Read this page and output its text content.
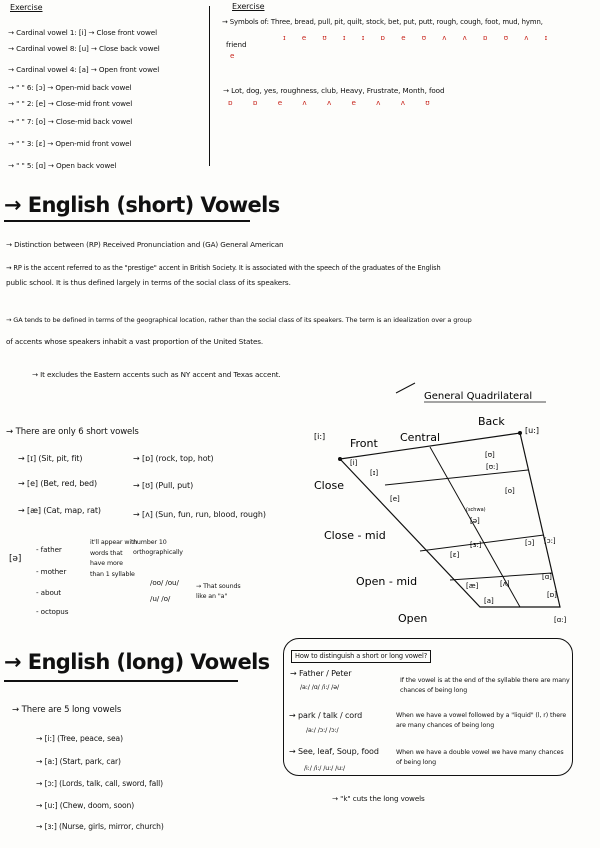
Exercise
→ Cardinal vowel 1: [i] → Close front vowel
→ Cardinal vowel 8: [u] → Close back vowel
→ Cardinal vowel 4: [a] → Open front vowel
→ " " 6: [ɔ] → Open-mid back vowel
→ " " 2: [e] → Close-mid front vowel
→ " " 7: [o] → Close-mid back vowel
→ " " 3: [ɛ] → Open-mid front vowel
→ " " 5: [ɑ] → Open back vowel
Exercise
→ Symbols of: Three, bread, pull, pit, quilt, stock, bet, put, putt, rough, cough, foot, mud, hymn,
ɪ e ʊ ɪ ɪ ɒ e ʊ ʌ ʌ ɒ ʊ ʌ ɪ
friend
e
→ Lot, dog, yes, roughness, club, Heavy, Frustrate, Month, food
ɒ ɒ e ʌ ʌ e ʌ ʌ ʊ
→ English (short) Vowels
→ Distinction between (RP) Received Pronunciation and (GA) General American
→ RP is the accent referred to as the "prestige" accent in British Society. It is associated with the speech of the graduates of the English
public school. It is thus defined largely in terms of the social class of its speakers.
→ GA tends to be defined in terms of the geographical location, rather than the social class of its speakers. The term is an idealization over a group
of accents whose speakers inhabit a vast proportion of the United States.
→ It excludes the Eastern accents such as NY accent and Texas accent.
→ There are only 6 short vowels
→ [ɪ] (Sit, pit, fit)
→ [e] (Bet, red, bed)
→ [æ] (Cat, map, rat)
→ [ɒ] (rock, top, hot)
→ [ʊ] (Pull, put)
→ [ʌ] (Sun, fun, run, blood, rough)
[ə]
- father
- mother
- about
- octopus
it'll appear with words that have more than 1 syllable
number 10 orthographically
/oo/ /ou/
/u/ /o/
→ That sounds like an "a"
General Quadrilateral
Front Central
Back
[i:]
[u:]
Close
Close - mid
Open - mid
Open
[i]
[ɪ]
[ʊ]
[ʊ:]
[e]
[o]
(schwa)
[ə]
[ɜ:]	[ɔ] [ɔ:]
[ɛ]
[æ]	[ʌ]
[a]
[ɑ]
[ɒ]
[ɑ:]
→ English (long) Vowels
→ There are 5 long vowels
→ [i:] (Tree, peace, sea)
→ [a:] (Start, park, car)
→ [ɔ:] (Lords, talk, call, sword, fall)
→ [u:] (Chew, doom, soon)
→ [ɜ:] (Nurse, girls, mirror, church)
How to distinguish a short or long vowel?
→ Father / Peter
/a:/ /ɑ/ /i:/ /ə/
If the vowel is at the end of the syllable there are many chances of being long
→ park / talk / cord
/a:/ /ɔ:/ /ɔ:/
When we have a vowel followed by a "liquid" (l, r) there are many chances of being long
→ See, leaf, Soup, food
/i:/ /i:/ /u:/ /u:/
When we have a double vowel we have many chances of being long
→ "k" cuts the long vowels
